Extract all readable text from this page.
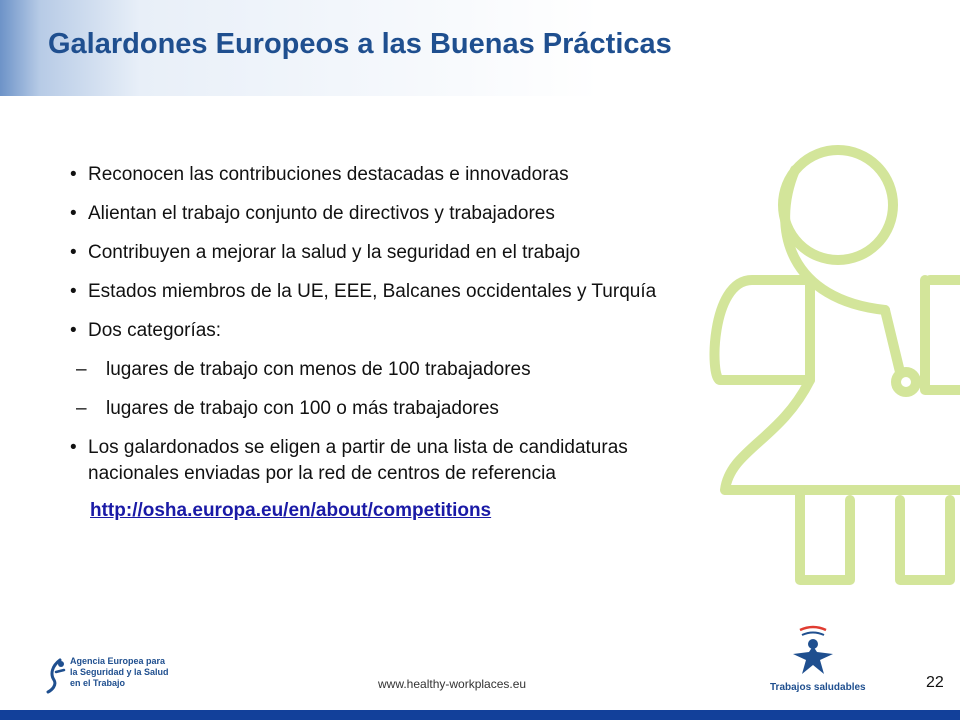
Galardones Europeos a las Buenas Prácticas
• Reconocen las contribuciones destacadas e innovadoras
• Alientan el trabajo conjunto de directivos y trabajadores
• Contribuyen a mejorar la salud y la seguridad en el trabajo
• Estados miembros de la UE, EEE, Balcanes occidentales y Turquía
• Dos categorías:
– lugares de trabajo con menos de 100 trabajadores
– lugares de trabajo con 100 o más trabajadores
• Los galardonados se eligen a partir de una lista de candidaturas
nacionales enviadas por la red de centros de referencia
http://osha.europa.eu/en/about/competitions
Agencia Europea para
la Seguridad y la Salud
en el Trabajo	www.healthy-workplaces.eu	Trabajos saludables	22
